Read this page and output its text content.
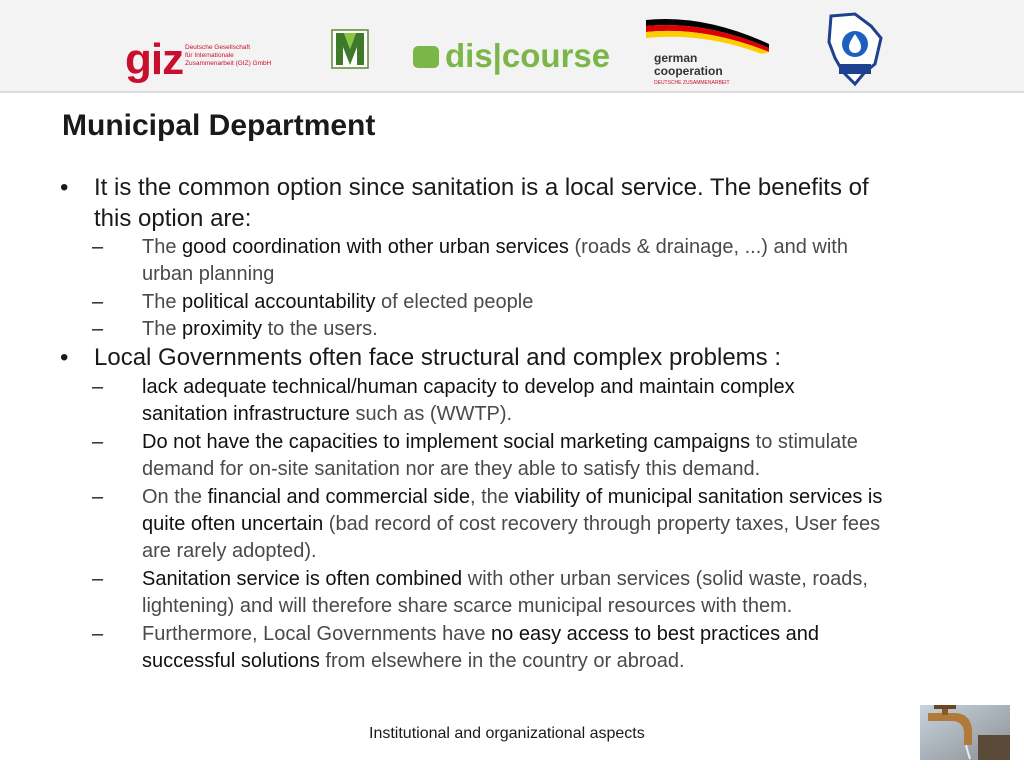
giz Deutsche Gesellschaft
für Internationale
Zusammenarbeit (GIZ) GmbH	dis|course	german
cooperation
DEUTSCHE ZUSAMMENARBEIT
Municipal Department
• It is the common option since sanitation is a local service. The benefits of
this option are:
– The good coordination with other urban services (roads & drainage, ...) and with
urban planning
– The political accountability of elected people
– The proximity to the users.
• Local Governments often face structural and complex problems :
– lack adequate technical/human capacity to develop and maintain complex
sanitation infrastructure such as (WWTP).
– Do not have the capacities to implement social marketing campaigns to stimulate
demand for on-site sanitation nor are they able to satisfy this demand.
– On the financial and commercial side, the viability of municipal sanitation services is
quite often uncertain (bad record of cost recovery through property taxes, User fees
are rarely adopted).
– Sanitation service is often combined with other urban services (solid waste, roads,
lightening) and will therefore share scarce municipal resources with them.
– Furthermore, Local Governments have no easy access to best practices and
successful solutions from elsewhere in the country or abroad.
Institutional and organizational aspects
